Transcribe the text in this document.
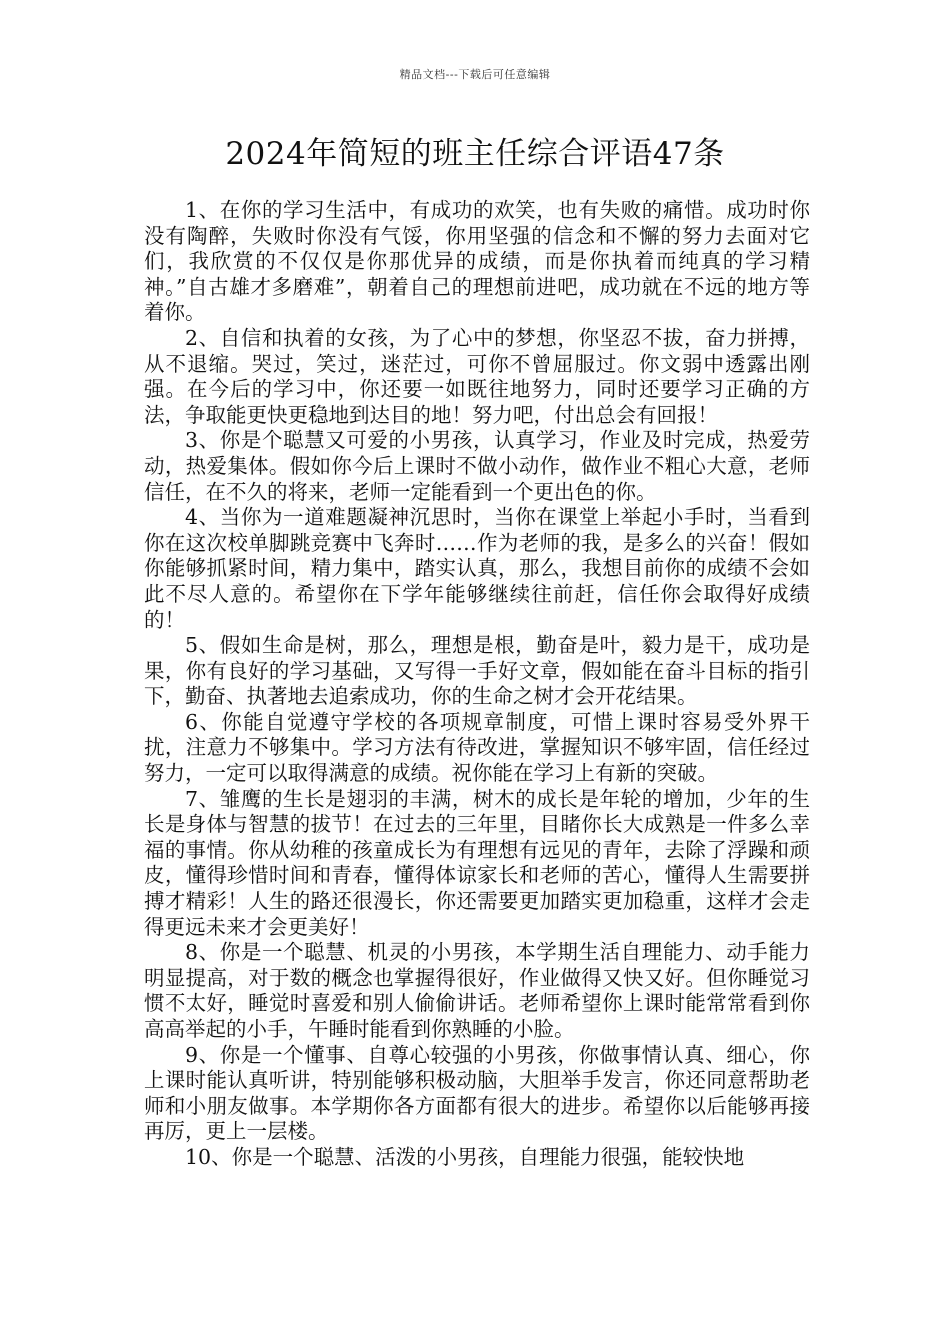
精品文档---下载后可任意编辑
2024年简短的班主任综合评语47条

1、在你的学习生活中，有成功的欢笑，也有失败的痛惜。成功时你没有陶醉，失败时你没有气馁，你用坚强的信念和不懈的努力去面对它们，我欣赏的不仅仅是你那优异的成绩，而是你执着而纯真的学习精神。”自古雄才多磨难”，朝着自己的理想前进吧，成功就在不远的地方等着你。

2、自信和执着的女孩，为了心中的梦想，你坚忍不拔，奋力拼搏，从不退缩。哭过，笑过，迷茫过，可你不曾屈服过。你文弱中透露出刚强。在今后的学习中，你还要一如既往地努力，同时还要学习正确的方法，争取能更快更稳地到达目的地！努力吧，付出总会有回报！

3、你是个聪慧又可爱的小男孩，认真学习，作业及时完成，热爱劳动，热爱集体。假如你今后上课时不做小动作，做作业不粗心大意，老师信任，在不久的将来，老师一定能看到一个更出色的你。

4、当你为一道难题凝神沉思时，当你在课堂上举起小手时，当看到你在这次校单脚跳竞赛中飞奔时……作为老师的我，是多么的兴奋！假如你能够抓紧时间，精力集中，踏实认真，那么，我想目前你的成绩不会如此不尽人意的。希望你在下学年能够继续往前赶，信任你会取得好成绩的！

5、假如生命是树，那么，理想是根，勤奋是叶，毅力是干，成功是果，你有良好的学习基础，又写得一手好文章，假如能在奋斗目标的指引下，勤奋、执著地去追索成功，你的生命之树才会开花结果。

6、你能自觉遵守学校的各项规章制度，可惜上课时容易受外界干扰，注意力不够集中。学习方法有待改进，掌握知识不够牢固，信任经过努力，一定可以取得满意的成绩。祝你能在学习上有新的突破。

7、雏鹰的生长是翅羽的丰满，树木的成长是年轮的增加，少年的生长是身体与智慧的拔节！在过去的三年里，目睹你长大成熟是一件多么幸福的事情。你从幼稚的孩童成长为有理想有远见的青年，去除了浮躁和顽皮，懂得珍惜时间和青春，懂得体谅家长和老师的苦心，懂得人生需要拼搏才精彩！人生的路还很漫长，你还需要更加踏实更加稳重，这样才会走得更远未来才会更美好！

8、你是一个聪慧、机灵的小男孩，本学期生活自理能力、动手能力明显提高，对于数的概念也掌握得很好，作业做得又快又好。但你睡觉习惯不太好，睡觉时喜爱和别人偷偷讲话。老师希望你上课时能常常看到你高高举起的小手，午睡时能看到你熟睡的小脸。

9、你是一个懂事、自尊心较强的小男孩，你做事情认真、细心，你上课时能认真听讲，特别能够积极动脑，大胆举手发言，你还同意帮助老师和小朋友做事。本学期你各方面都有很大的进步。希望你以后能够再接再厉，更上一层楼。

10、你是一个聪慧、活泼的小男孩，自理能力很强，能较快地
